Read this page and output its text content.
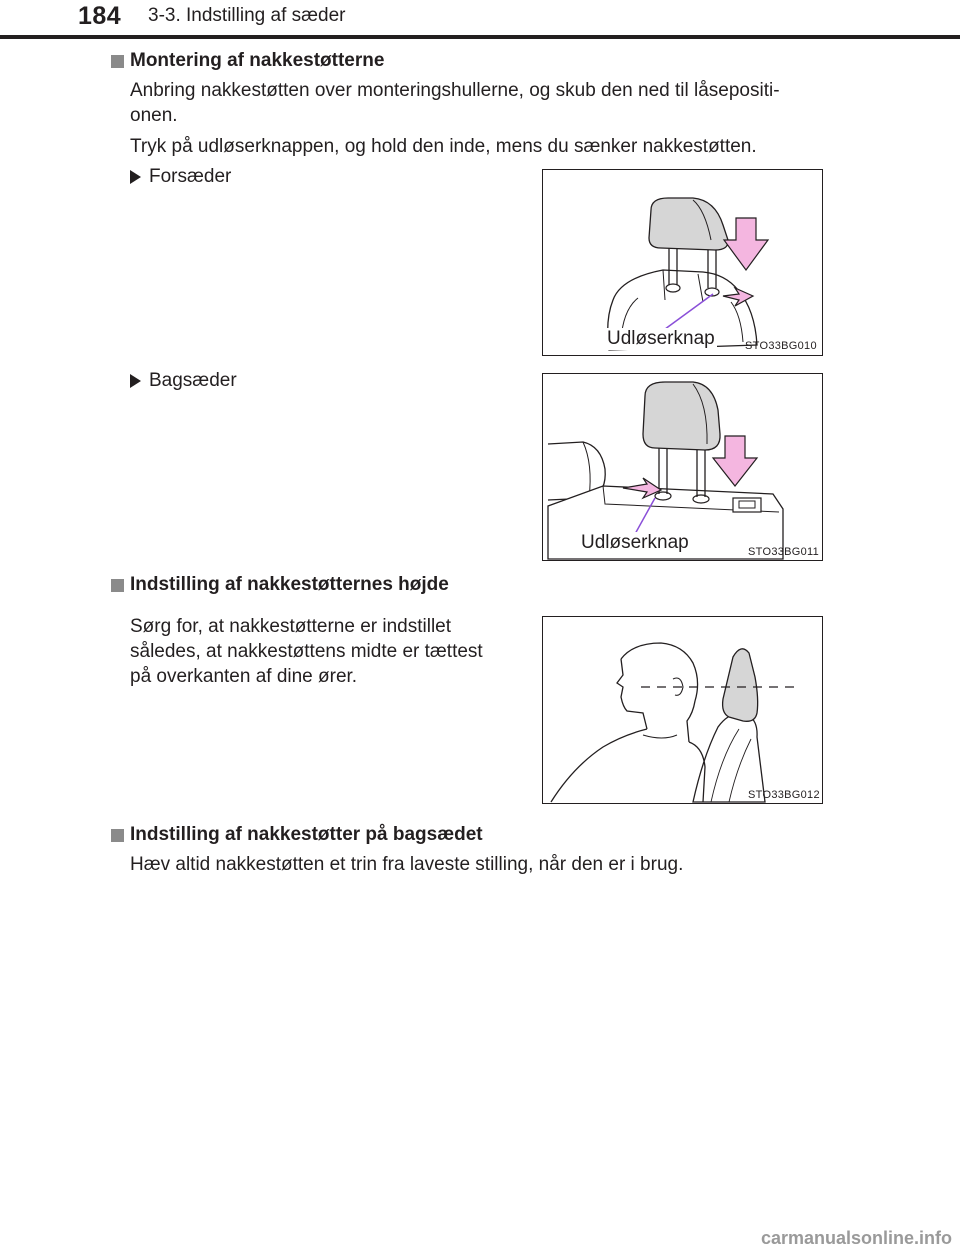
184 3-3. Indstilling af sæder
Montering af nakkestøtterne
Anbring nakkestøtten over monteringshullerne, og skub den ned til låsepositi-
onen.
Tryk på udløserknappen, og hold den inde, mens du sænker nakkestøtten.
Forsæder
Udløserknap	STO33BG010
Bagsæder
Udløserknap	STO33BG011
Indstilling af nakkestøtternes højde
Sørg for, at nakkestøtterne er indstillet
således, at nakkestøttens midte er tættest
på overkanten af dine ører.
STO33BG012
Indstilling af nakkestøtter på bagsædet
Hæv altid nakkestøtten et trin fra laveste stilling, når den er i brug.
carmanualsonline.info
